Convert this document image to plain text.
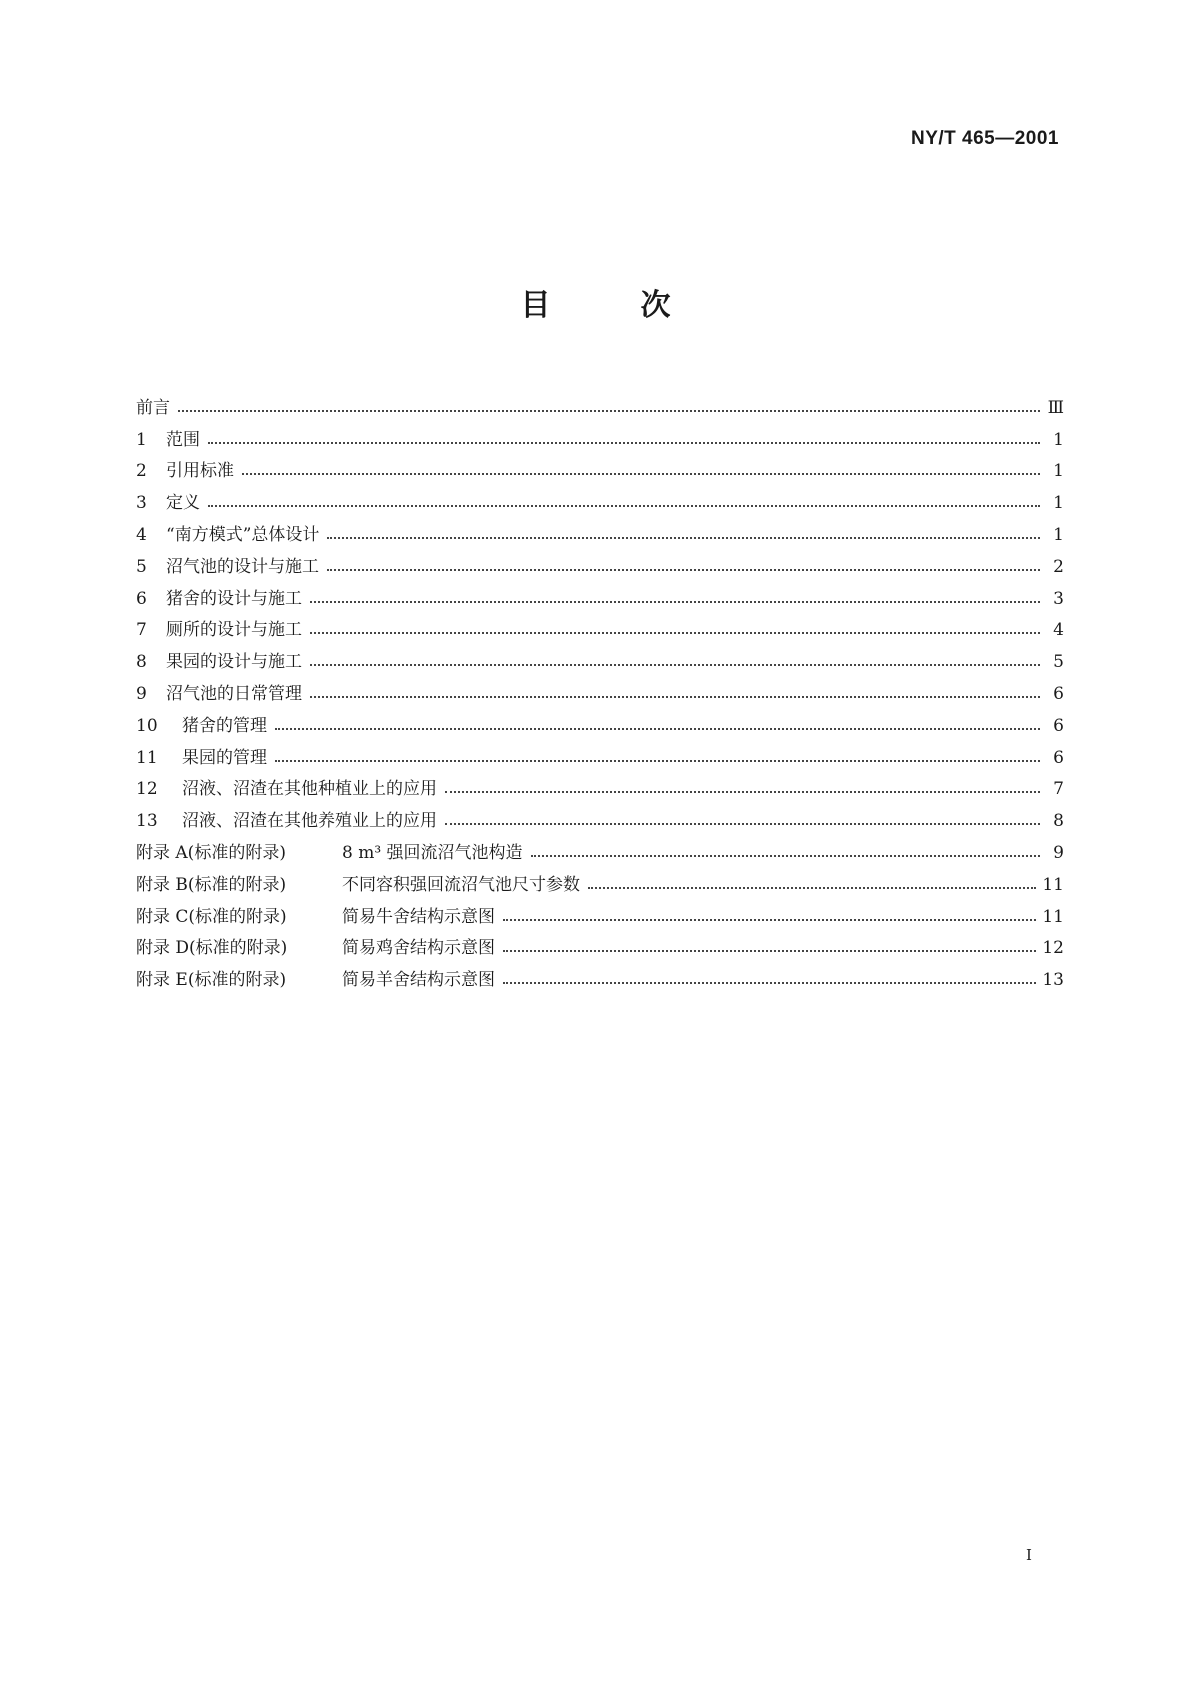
NY/T 465—2001
目	次
前言	Ⅲ
1	范围	1
2	引用标准	1
3	定义	1
4	“南方模式”总体设计	1
5	沼气池的设计与施工	2
6	猪舍的设计与施工	3
7	厕所的设计与施工	4
8	果园的设计与施工	5
9	沼气池的日常管理	6
10	猪舍的管理	6
11	果园的管理	6
12	沼液、沼渣在其他种植业上的应用	7
13	沼液、沼渣在其他养殖业上的应用	8
附录 A(标准的附录)	8 m³ 强回流沼气池构造	9
附录 B(标准的附录)	不同容积强回流沼气池尺寸参数	11
附录 C(标准的附录)	简易牛舍结构示意图	11
附录 D(标准的附录)	简易鸡舍结构示意图	12
附录 E(标准的附录)	简易羊舍结构示意图	13
I
